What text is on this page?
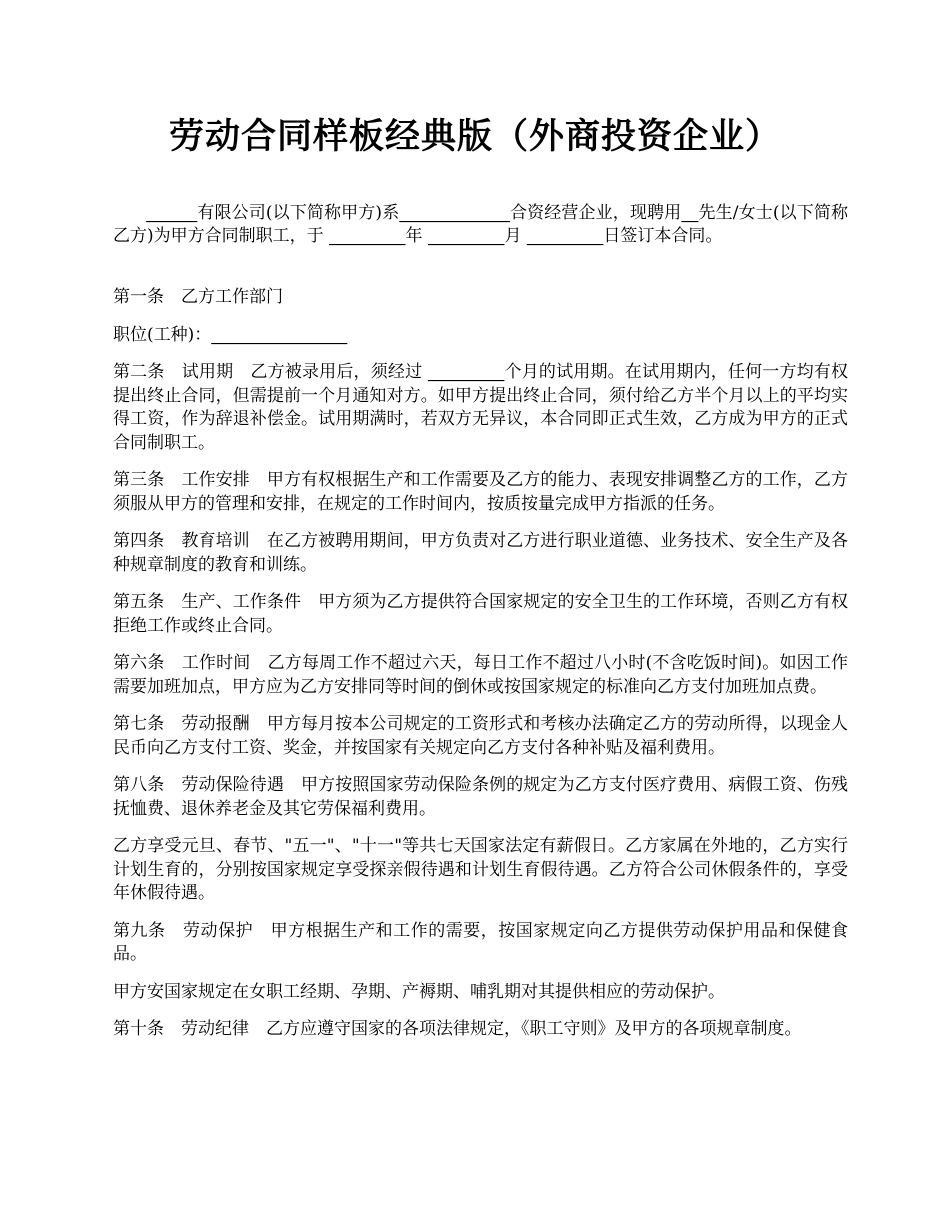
劳动合同样板经典版（外商投资企业）

______有限公司(以下简称甲方)系_____________合资经营企业，现聘用__先生/女士(以下简称乙方)为甲方合同制职工，于 _________年 _________月 _________日签订本合同。

第一条　乙方工作部门

职位(工种)：________________

第二条　试用期　乙方被录用后，须经过 _________个月的试用期。在试用期内，任何一方均有权提出终止合同，但需提前一个月通知对方。如甲方提出终止合同，须付给乙方半个月以上的平均实得工资，作为辞退补偿金。试用期满时，若双方无异议，本合同即正式生效，乙方成为甲方的正式合同制职工。

第三条　工作安排　甲方有权根据生产和工作需要及乙方的能力、表现安排调整乙方的工作，乙方须服从甲方的管理和安排，在规定的工作时间内，按质按量完成甲方指派的任务。

第四条　教育培训　在乙方被聘用期间，甲方负责对乙方进行职业道德、业务技术、安全生产及各种规章制度的教育和训练。

第五条　生产、工作条件　甲方须为乙方提供符合国家规定的安全卫生的工作环境，否则乙方有权拒绝工作或终止合同。

第六条　工作时间　乙方每周工作不超过六天，每日工作不超过八小时(不含吃饭时间)。如因工作需要加班加点，甲方应为乙方安排同等时间的倒休或按国家规定的标准向乙方支付加班加点费。

第七条　劳动报酬　甲方每月按本公司规定的工资形式和考核办法确定乙方的劳动所得，以现金人民币向乙方支付工资、奖金，并按国家有关规定向乙方支付各种补贴及福利费用。

第八条　劳动保险待遇　甲方按照国家劳动保险条例的规定为乙方支付医疗费用、病假工资、伤残抚恤费、退休养老金及其它劳保福利费用。

乙方享受元旦、春节、"五一"、"十一"等共七天国家法定有薪假日。乙方家属在外地的，乙方实行计划生育的，分别按国家规定享受探亲假待遇和计划生育假待遇。乙方符合公司休假条件的，享受年休假待遇。

第九条　劳动保护　甲方根据生产和工作的需要，按国家规定向乙方提供劳动保护用品和保健食品。

甲方安国家规定在女职工经期、孕期、产褥期、哺乳期对其提供相应的劳动保护。

第十条　劳动纪律　乙方应遵守国家的各项法律规定，《职工守则》及甲方的各项规章制度。
